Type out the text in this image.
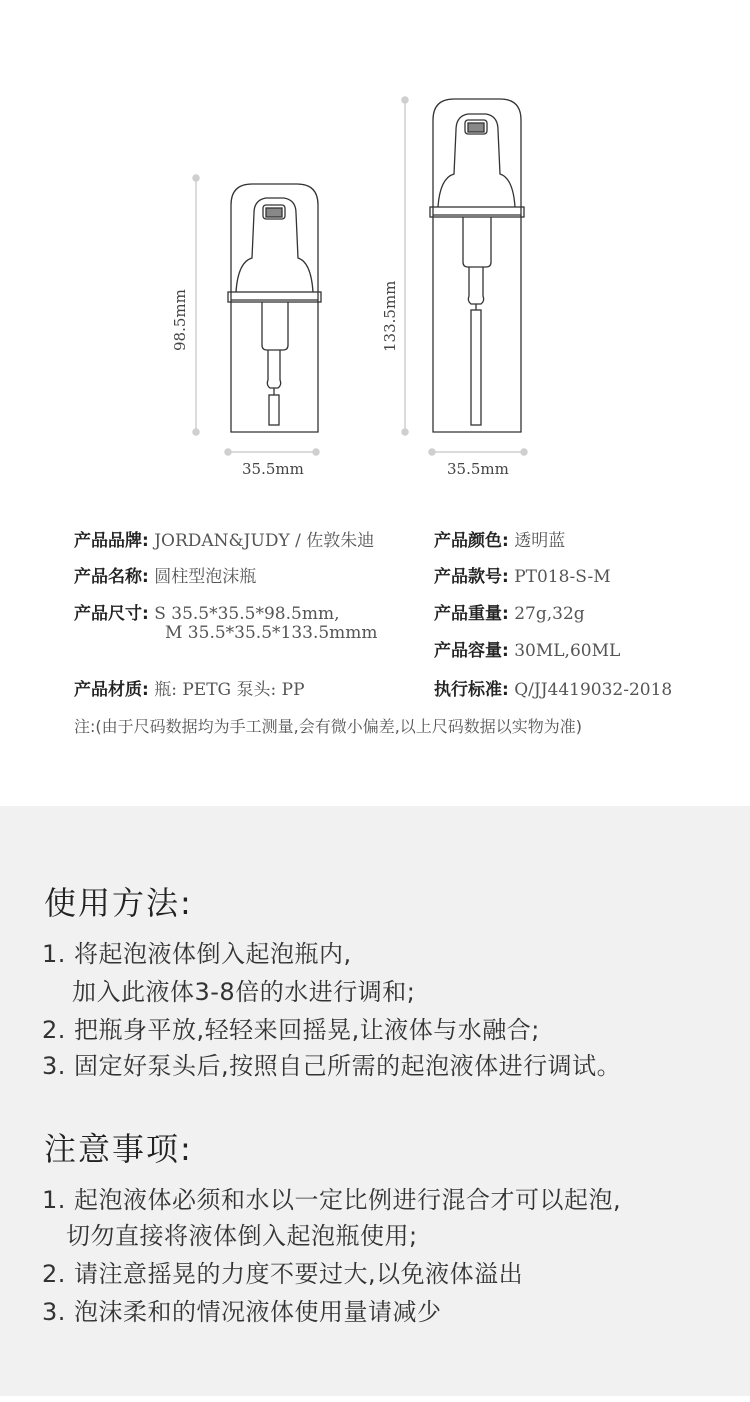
98.5mm
35.5mm
133.5mm
35.5mm
产品品牌: JORDAN&JUDY / 佐敦朱迪	产品颜色: 透明蓝
产品名称: 圆柱型泡沫瓶	产品款号: PT018-S-M
产品尺寸: S 35.5*35.5*98.5mm,
M 35.5*35.5*133.5mmm
产品重量: 27g,32g
产品容量: 30ML,60ML
产品材质: 瓶: PETG 泵头: PP	执行标准: Q/JJ4419032-2018
注:(由于尺码数据均为手工测量,会有微小偏差,以上尺码数据以实物为准)
使用方法:
1. 将起泡液体倒入起泡瓶内,
加入此液体3-8倍的水进行调和;
2. 把瓶身平放,轻轻来回摇晃,让液体与水融合;
3. 固定好泵头后,按照自己所需的起泡液体进行调试。
注意事项:
1. 起泡液体必须和水以一定比例进行混合才可以起泡,
切勿直接将液体倒入起泡瓶使用;
2. 请注意摇晃的力度不要过大,以免液体溢出
3. 泡沫柔和的情况液体使用量请减少
